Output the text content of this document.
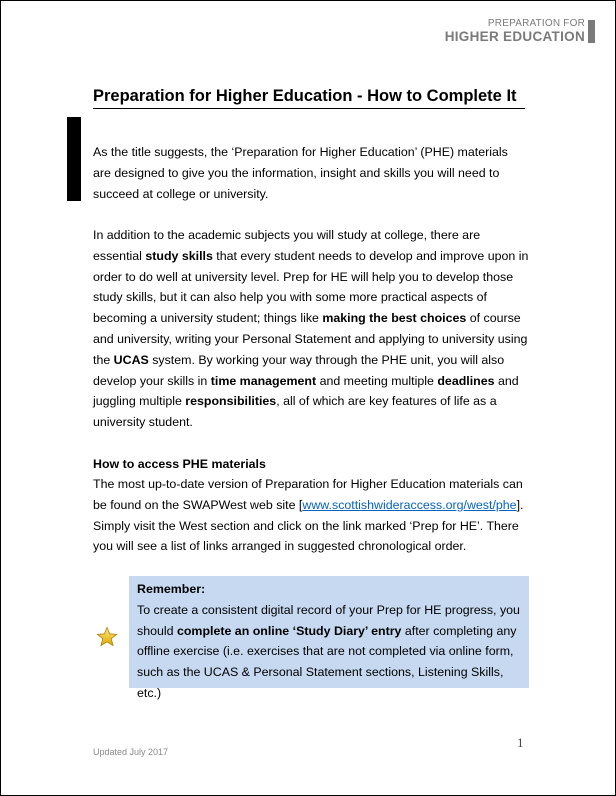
PREPARATION FOR
HIGHER EDUCATION
Preparation for Higher Education - How to Complete It
As the title suggests, the ‘Preparation for Higher Education’ (PHE) materials are designed to give you the information, insight and skills you will need to succeed at college or university.
In addition to the academic subjects you will study at college, there are essential study skills that every student needs to develop and improve upon in order to do well at university level. Prep for HE will help you to develop those study skills, but it can also help you with some more practical aspects of becoming a university student; things like making the best choices of course and university, writing your Personal Statement and applying to university using the UCAS system. By working your way through the PHE unit, you will also develop your skills in time management and meeting multiple deadlines and juggling multiple responsibilities, all of which are key features of life as a university student.
How to access PHE materials
The most up-to-date version of Preparation for Higher Education materials can be found on the SWAPWest web site [www.scottishwideraccess.org/west/phe]. Simply visit the West section and click on the link marked ‘Prep for HE’. There you will see a list of links arranged in suggested chronological order.
Remember:
To create a consistent digital record of your Prep for HE progress, you should complete an online ‘Study Diary’ entry after completing any offline exercise (i.e. exercises that are not completed via online form, such as the UCAS & Personal Statement sections, Listening Skills, etc.)
Updated July 2017
1
